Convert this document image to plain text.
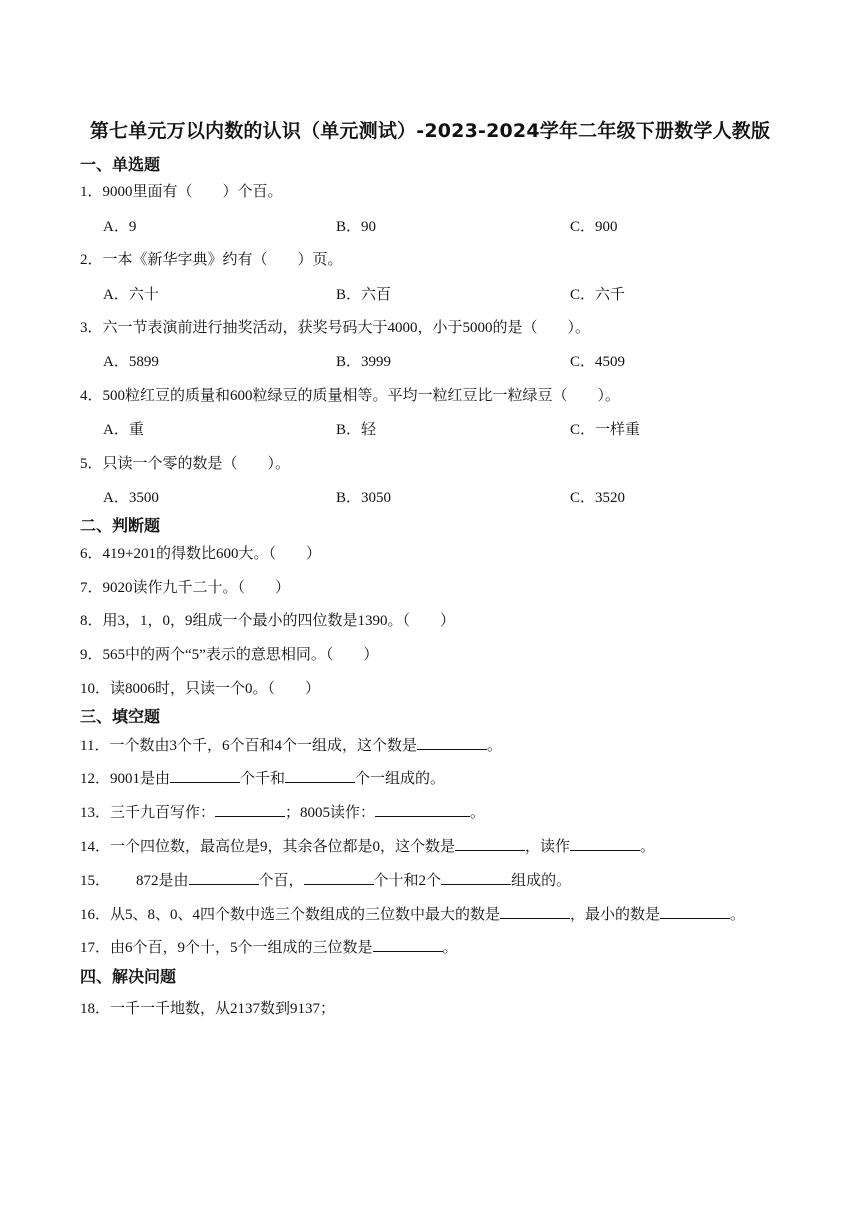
第七单元万以内数的认识（单元测试）-2023-2024学年二年级下册数学人教版
一、单选题
1．9000里面有（　　）个百。
A．9	B．90	C．900
2．一本《新华字典》约有（　　）页。
A．六十	B．六百	C．六千
3．六一节表演前进行抽奖活动，获奖号码大于4000，小于5000的是（　　）。
A．5899	B．3999	C．4509
4．500粒红豆的质量和600粒绿豆的质量相等。平均一粒红豆比一粒绿豆（　　）。
A．重	B．轻	C．一样重
5．只读一个零的数是（　　）。
A．3500	B．3050	C．3520
二、判断题
6．419+201的得数比600大。（　　）
7．9020读作九千二十。（　　）
8．用3，1，0，9组成一个最小的四位数是1390。（　　）
9．565中的两个“5”表示的意思相同。（　　）
10．读8006时，只读一个0。（　　）
三、填空题
11．一个数由3个千，6个百和4个一组成，这个数是	。
12．9001是由	个千和	个一组成的。
13．三千九百写作：	；8005读作：	。
14．一个四位数，最高位是9，其余各位都是0，这个数是	，读作	。
15． 872是由	个百，	个十和2个	组成的。
16．从5、8、0、4四个数中选三个数组成的三位数中最大的数是	，最小的数是	。
17．由6个百，9个十，5个一组成的三位数是	。
四、解决问题
18．一千一千地数，从2137数到9137；
